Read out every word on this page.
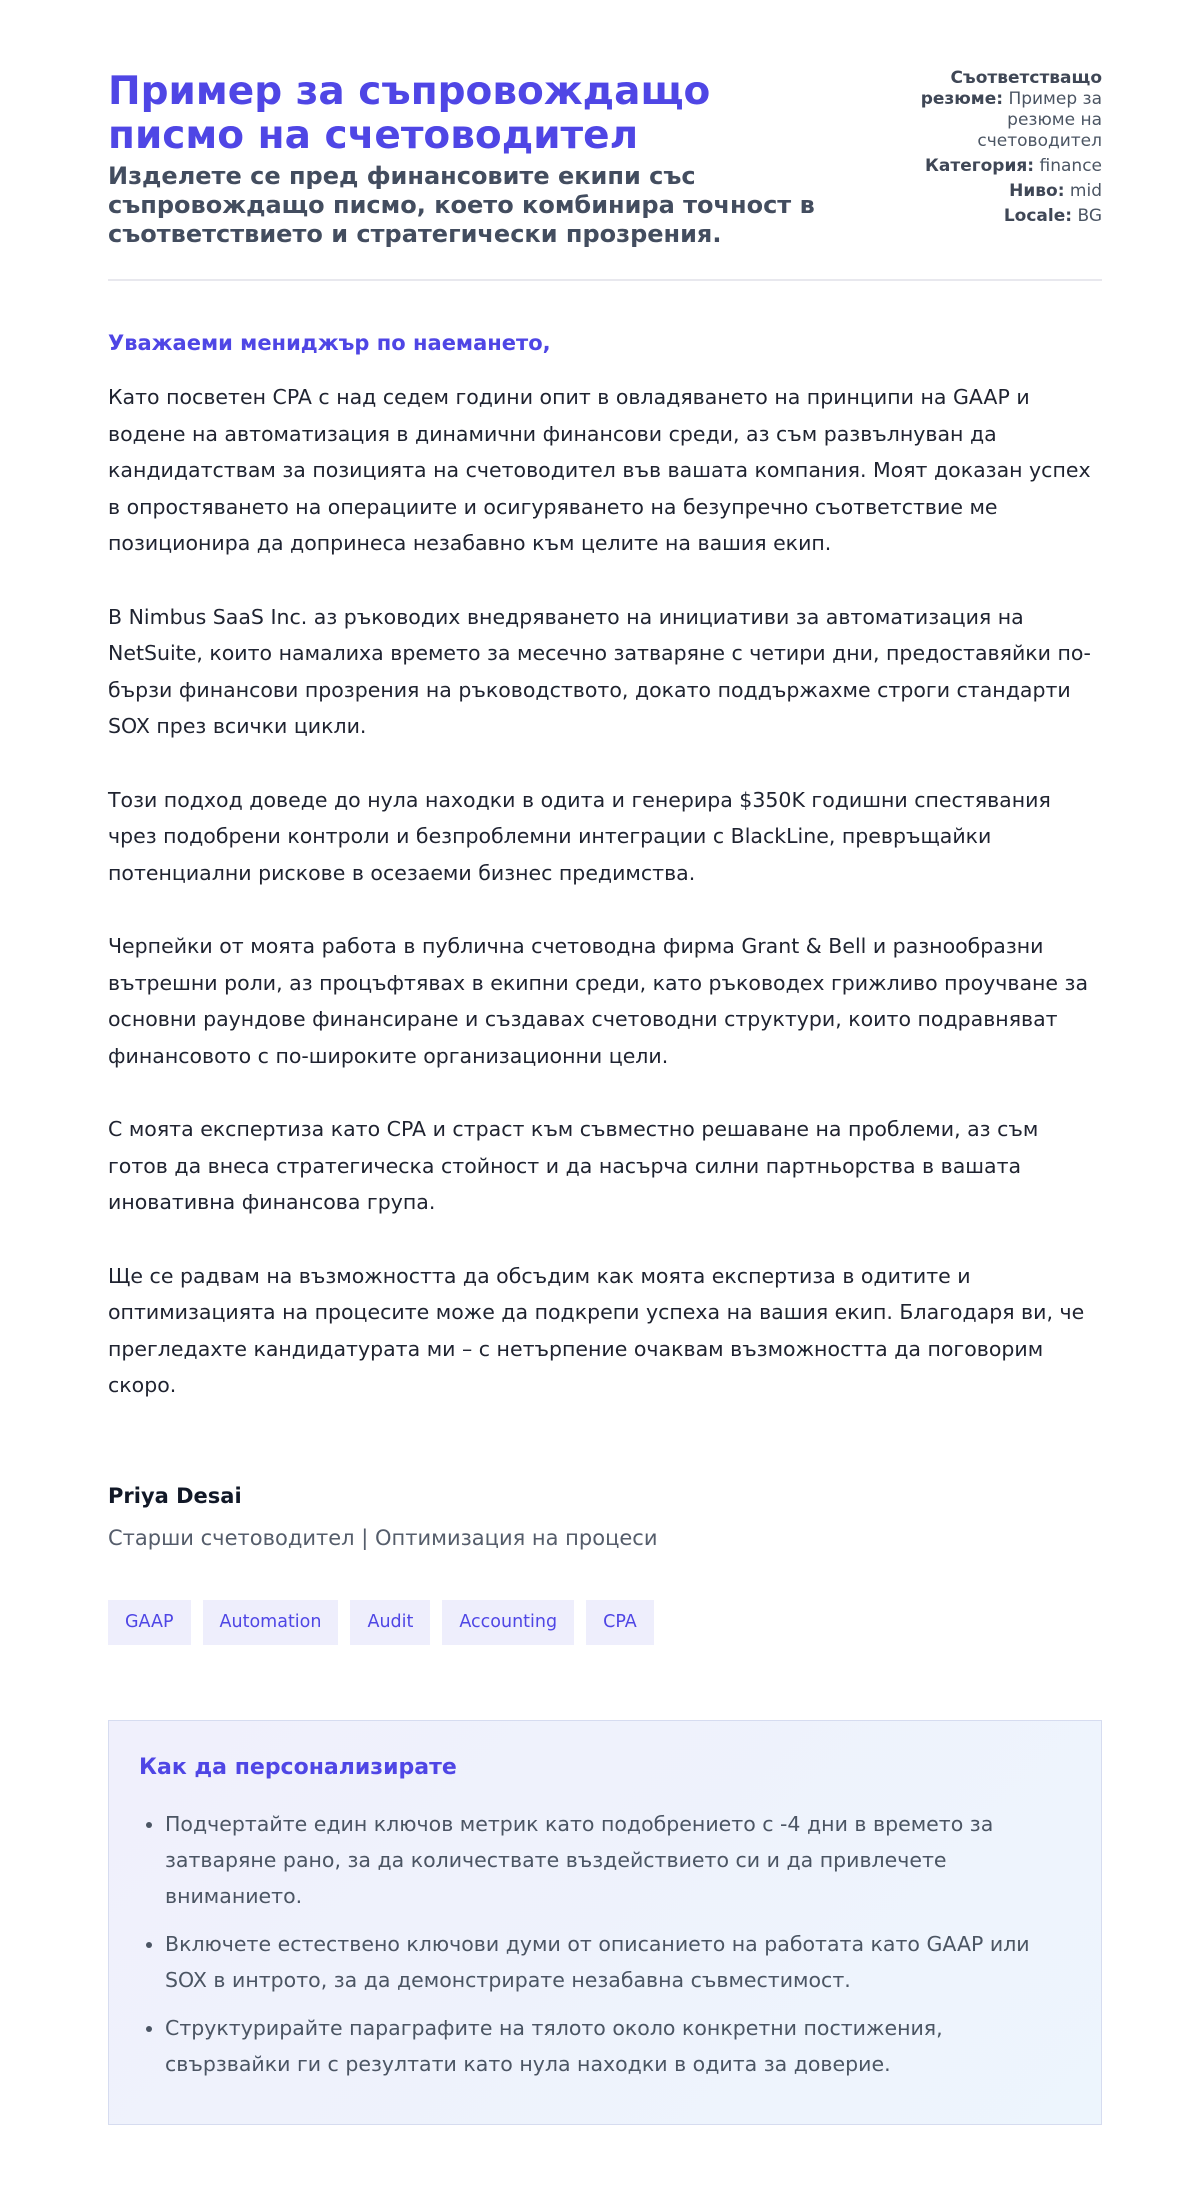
Пример за съпровождащо писмо на счетоводител
Изделете се пред финансовите екипи със съпровождащо писмо, което комбинира точност в съответствието и стратегически прозрения.
Съответстващо резюме: Пример за резюме на счетоводител
Категория: finance
Ниво: mid
Locale: BG
Уважаеми мениджър по наемането,

Като посветен CPA с над седем години опит в овладяването на принципи на GAAP и водене на автоматизация в динамични финансови среди, аз съм развълнуван да кандидатствам за позицията на счетоводител във вашата компания. Моят доказан успех в опростяването на операциите и осигуряването на безупречно съответствие ме позиционира да допринеса незабавно към целите на вашия екип.

В Nimbus SaaS Inc. аз ръководих внедряването на инициативи за автоматизация на NetSuite, които намалиха времето за месечно затваряне с четири дни, предоставяйки по-бързи финансови прозрения на ръководството, докато поддържахме строги стандарти SOX през всички цикли.

Този подход доведе до нула находки в одита и генерира $350K годишни спестявания чрез подобрени контроли и безпроблемни интеграции с BlackLine, превръщайки потенциални рискове в осезаеми бизнес предимства.

Черпейки от моята работа в публична счетоводна фирма Grant & Bell и разнообразни вътрешни роли, аз процъфтявах в екипни среди, като ръководех грижливо проучване за основни раундове финансиране и създавах счетоводни структури, които подравняват финансовото с по-широките организационни цели.

С моята експертиза като CPA и страст към съвместно решаване на проблеми, аз съм готов да внеса стратегическа стойност и да насърча силни партньорства в вашата иновативна финансова група.

Ще се радвам на възможността да обсъдим как моята експертиза в одитите и оптимизацията на процесите може да подкрепи успеха на вашия екип. Благодаря ви, че прегледахте кандидатурата ми – с нетърпение очаквам възможността да поговорим скоро.

Priya Desai
Старши счетоводител | Оптимизация на процеси
GAAP	Automation	Audit	Accounting	CPA
Как да персонализирате
• Подчертайте един ключов метрик като подобрението с -4 дни в времето за затваряне рано, за да количествате въздействието си и да привлечете вниманието.
• Включете естествено ключови думи от описанието на работата като GAAP или SOX в интрото, за да демонстрирате незабавна съвместимост.
• Структурирайте параграфите на тялото около конкретни постижения, свързвайки ги с резултати като нула находки в одита за доверие.
